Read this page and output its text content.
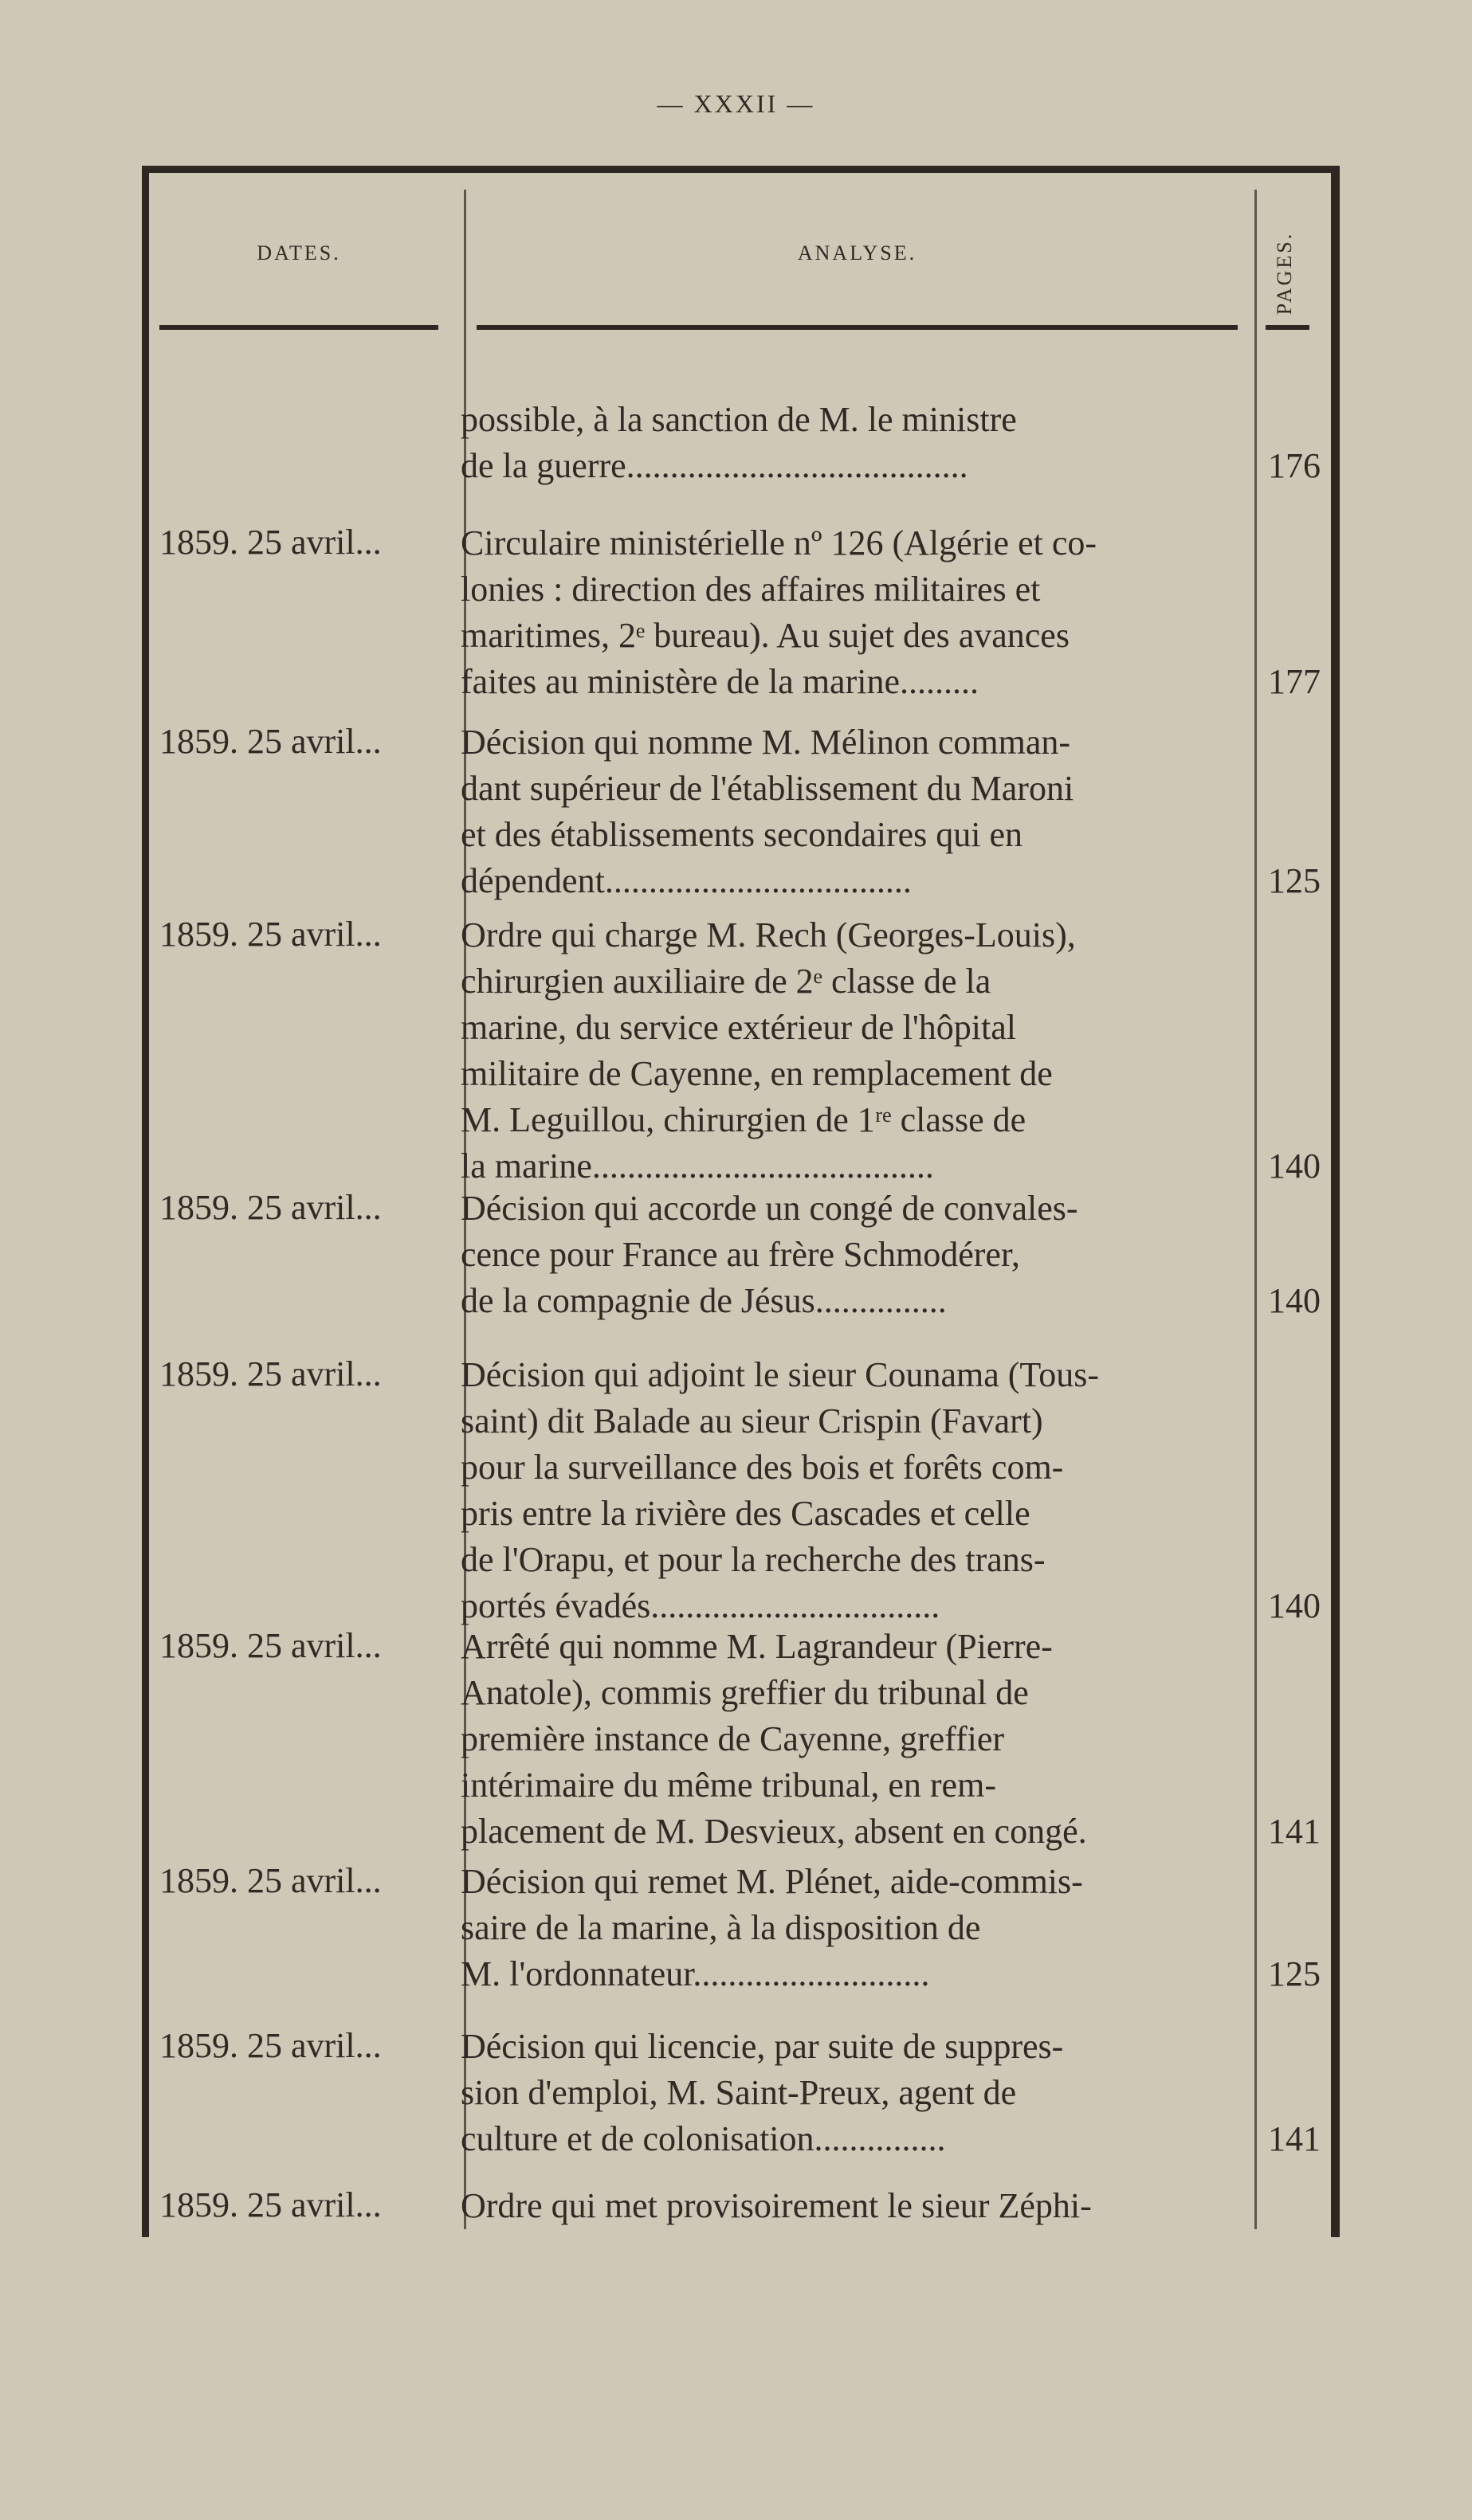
— XXXII —
DATES.	ANALYSE.	PAGES.
possible, à la sanction de M. le ministre
de la guerre.......................................	176
1859. 25 avril... Circulaire ministérielle nº 126 (Algérie et co-
lonies : direction des affaires militaires et
maritimes, 2ᵉ bureau). Au sujet des avances
faites au ministère de la marine.........	177
1859. 25 avril... Décision qui nomme M. Mélinon comman-
dant supérieur de l'établissement du Maroni
et des établissements secondaires qui en
dépendent...................................	125
1859. 25 avril... Ordre qui charge M. Rech (Georges-Louis),
chirurgien auxiliaire de 2ᵉ classe de la
marine, du service extérieur de l'hôpital
militaire de Cayenne, en remplacement de
M. Leguillou, chirurgien de 1ʳᵉ classe de
la marine.......................................	140
1859. 25 avril... Décision qui accorde un congé de convales-
cence pour France au frère Schmodérer,
de la compagnie de Jésus...............	140
1859. 25 avril... Décision qui adjoint le sieur Counama (Tous-
saint) dit Balade au sieur Crispin (Favart)
pour la surveillance des bois et forêts com-
pris entre la rivière des Cascades et celle
de l'Orapu, et pour la recherche des trans-
portés évadés.................................	140
1859. 25 avril... Arrêté qui nomme M. Lagrandeur (Pierre-
Anatole), commis greffier du tribunal de
première instance de Cayenne, greffier
intérimaire du même tribunal, en rem-
placement de M. Desvieux, absent en congé.	141
1859. 25 avril... Décision qui remet M. Plénet, aide-commis-
saire de la marine, à la disposition de
M. l'ordonnateur...........................	125
1859. 25 avril... Décision qui licencie, par suite de suppres-
sion d'emploi, M. Saint-Preux, agent de
culture et de colonisation...............	141
1859. 25 avril... Ordre qui met provisoirement le sieur Zéphi-
